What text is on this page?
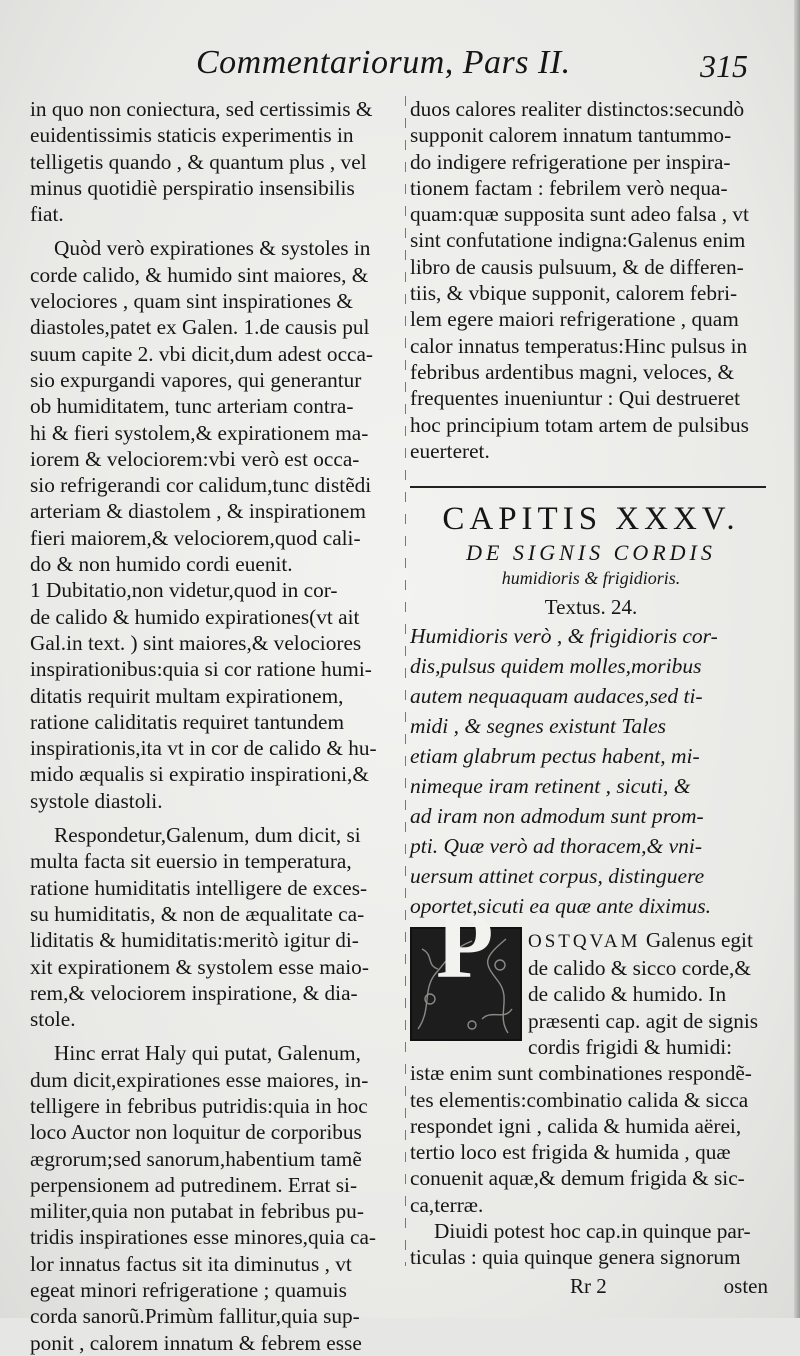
Commentariorum, Pars II.	315

in quo non coniectura, sed certissimis &

euidentissimis staticis experimentis in

telligetis quando , & quantum plus , vel

minus quotidiè perspiratio insensibilis

fiat.

Quòd verò expirationes & systoles in

corde calido, & humido sint maiores, &

velociores , quam sint inspirationes &

diastoles,patet ex Galen. 1.de causis pul

suum capite 2. vbi dicit,dum adest occa-

sio expurgandi vapores, qui generantur

ob humiditatem, tunc arteriam contra-

hi & fieri systolem,& expirationem ma-

iorem & velociorem:vbi verò est occa-

sio refrigerandi cor calidum,tunc distẽdi

arteriam & diastolem , & inspirationem

fieri maiorem,& velociorem,quod cali-

do & non humido cordi euenit.

1 Dubitatio,non videtur,quod in cor-

de calido & humido expirationes(vt ait

Gal.in text. ) sint maiores,& velociores

inspirationibus:quia si cor ratione humi-

ditatis requirit multam expirationem,

ratione caliditatis requiret tantundem

inspirationis,ita vt in cor de calido & hu-

mido æqualis si expiratio inspirationi,&

systole diastoli.

Respondetur,Galenum, dum dicit, si

multa facta sit euersio in temperatura,

ratione humiditatis intelligere de exces-

su humiditatis, & non de æqualitate ca-

liditatis & humiditatis:meritò igitur di-

xit expirationem & systolem esse maio-

rem,& velociorem inspiratione, & dia-

stole.

Hinc errat Haly qui putat, Galenum,

dum dicit,expirationes esse maiores, in-

telligere in febribus putridis:quia in hoc

loco Auctor non loquitur de corporibus

ægrorum;sed sanorum,habentium tamẽ

perpensionem ad putredinem. Errat si-

militer,quia non putabat in febribus pu-

tridis inspirationes esse minores,quia ca-

lor innatus factus sit ita diminutus , vt

egeat minori refrigeratione ; quamuis

corda sanorũ.Primùm fallitur,quia sup-

ponit , calorem innatum & febrem esse

duos calores realiter distinctos:secundò

supponit calorem innatum tantummo-

do indigere refrigeratione per inspira-

tionem factam : febrilem verò nequa-

quam:quæ supposita sunt adeo falsa , vt

sint confutatione indigna:Galenus enim

libro de causis pulsuum, & de differen-

tiis, & vbique supponit, calorem febri-

lem egere maiori refrigeratione , quam

calor innatus temperatus:Hinc pulsus in

febribus ardentibus magni, veloces, &

frequentes inueniuntur : Qui destrueret

hoc principium totam artem de pulsibus

euerteret.

CAPITIS XXXV.
DE SIGNIS CORDIS
humidioris & frigidioris.
Textus. 24.

Humidioris verò , & frigidioris cor-

dis,pulsus quidem molles,moribus

autem nequaquam audaces,sed ti-

midi , & segnes existunt Tales

etiam glabrum pectus habent, mi-

nimeque iram retinent , sicuti, &

ad iram non admodum sunt prom-

pti. Quæ verò ad thoracem,& vni-

uersum attinet corpus, distinguere

oportet,sicuti ea quæ ante diximus.

P OSTQVAM Galenus egit

de calido & sicco corde,&

de calido & humido. In

præsenti cap. agit de signis

cordis frigidi & humidi:

istæ enim sunt combinationes respondẽ-

tes elementis:combinatio calida & sicca

respondet igni , calida & humida aërei,

tertio loco est frigida & humida , quæ

conuenit aquæ,& demum frigida & sic-

ca,terræ.

Diuidi potest hoc cap.in quinque par-

ticulas : quia quinque genera signorum

Rr 2	osten
